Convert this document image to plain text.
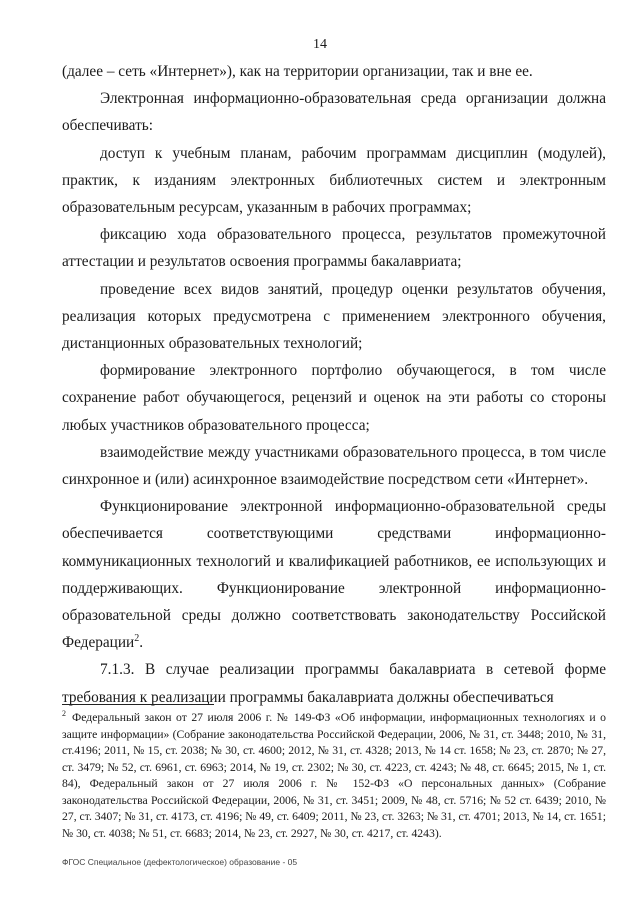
14

(далее – сеть «Интернет»), как на территории организации, так и вне ее.

Электронная информационно-образовательная среда организации должна обеспечивать:

доступ к учебным планам, рабочим программам дисциплин (модулей), практик, к изданиям электронных библиотечных систем и электронным образовательным ресурсам, указанным в рабочих программах;

фиксацию хода образовательного процесса, результатов промежуточной аттестации и результатов освоения программы бакалавриата;

проведение всех видов занятий, процедур оценки результатов обучения, реализация которых предусмотрена с применением электронного обучения, дистанционных образовательных технологий;

формирование электронного портфолио обучающегося, в том числе сохранение работ обучающегося, рецензий и оценок на эти работы со стороны любых участников образовательного процесса;

взаимодействие между участниками образовательного процесса, в том числе синхронное и (или) асинхронное взаимодействие посредством сети «Интернет».

Функционирование электронной информационно-образовательной среды обеспечивается соответствующими средствами информационно-коммуникационных технологий и квалификацией работников, ее использующих и поддерживающих. Функционирование электронной информационно-образовательной среды должно соответствовать законодательству Российской Федерации$^2$.

7.1.3. В случае реализации программы бакалавриата в сетевой форме требования к реализации программы бакалавриата должны обеспечиваться

$^2$ Федеральный закон от 27 июля 2006 г. № 149-ФЗ «Об информации, информационных технологиях и о защите информации» (Собрание законодательства Российской Федерации, 2006, № 31, ст. 3448; 2010, № 31, ст.4196; 2011, № 15, ст. 2038; № 30, ст. 4600; 2012, № 31, ст. 4328; 2013, № 14 ст. 1658; № 23, ст. 2870; № 27, ст. 3479; № 52, ст. 6961, ст. 6963; 2014, № 19, ст. 2302; № 30, ст. 4223, ст. 4243; № 48, ст. 6645; 2015, № 1, ст. 84), Федеральный закон от 27 июля 2006 г. № 152-ФЗ «О персональных данных» (Собрание законодательства Российской Федерации, 2006, № 31, ст. 3451; 2009, № 48, ст. 5716; № 52 ст. 6439; 2010, № 27, ст. 3407; № 31, ст. 4173, ст. 4196; № 49, ст. 6409; 2011, № 23, ст. 3263; № 31, ст. 4701; 2013, № 14, ст. 1651; № 30, ст. 4038; № 51, ст. 6683; 2014, № 23, ст. 2927, № 30, ст. 4217, ст. 4243).

ФГОС Специальное (дефектологическое) образование - 05
